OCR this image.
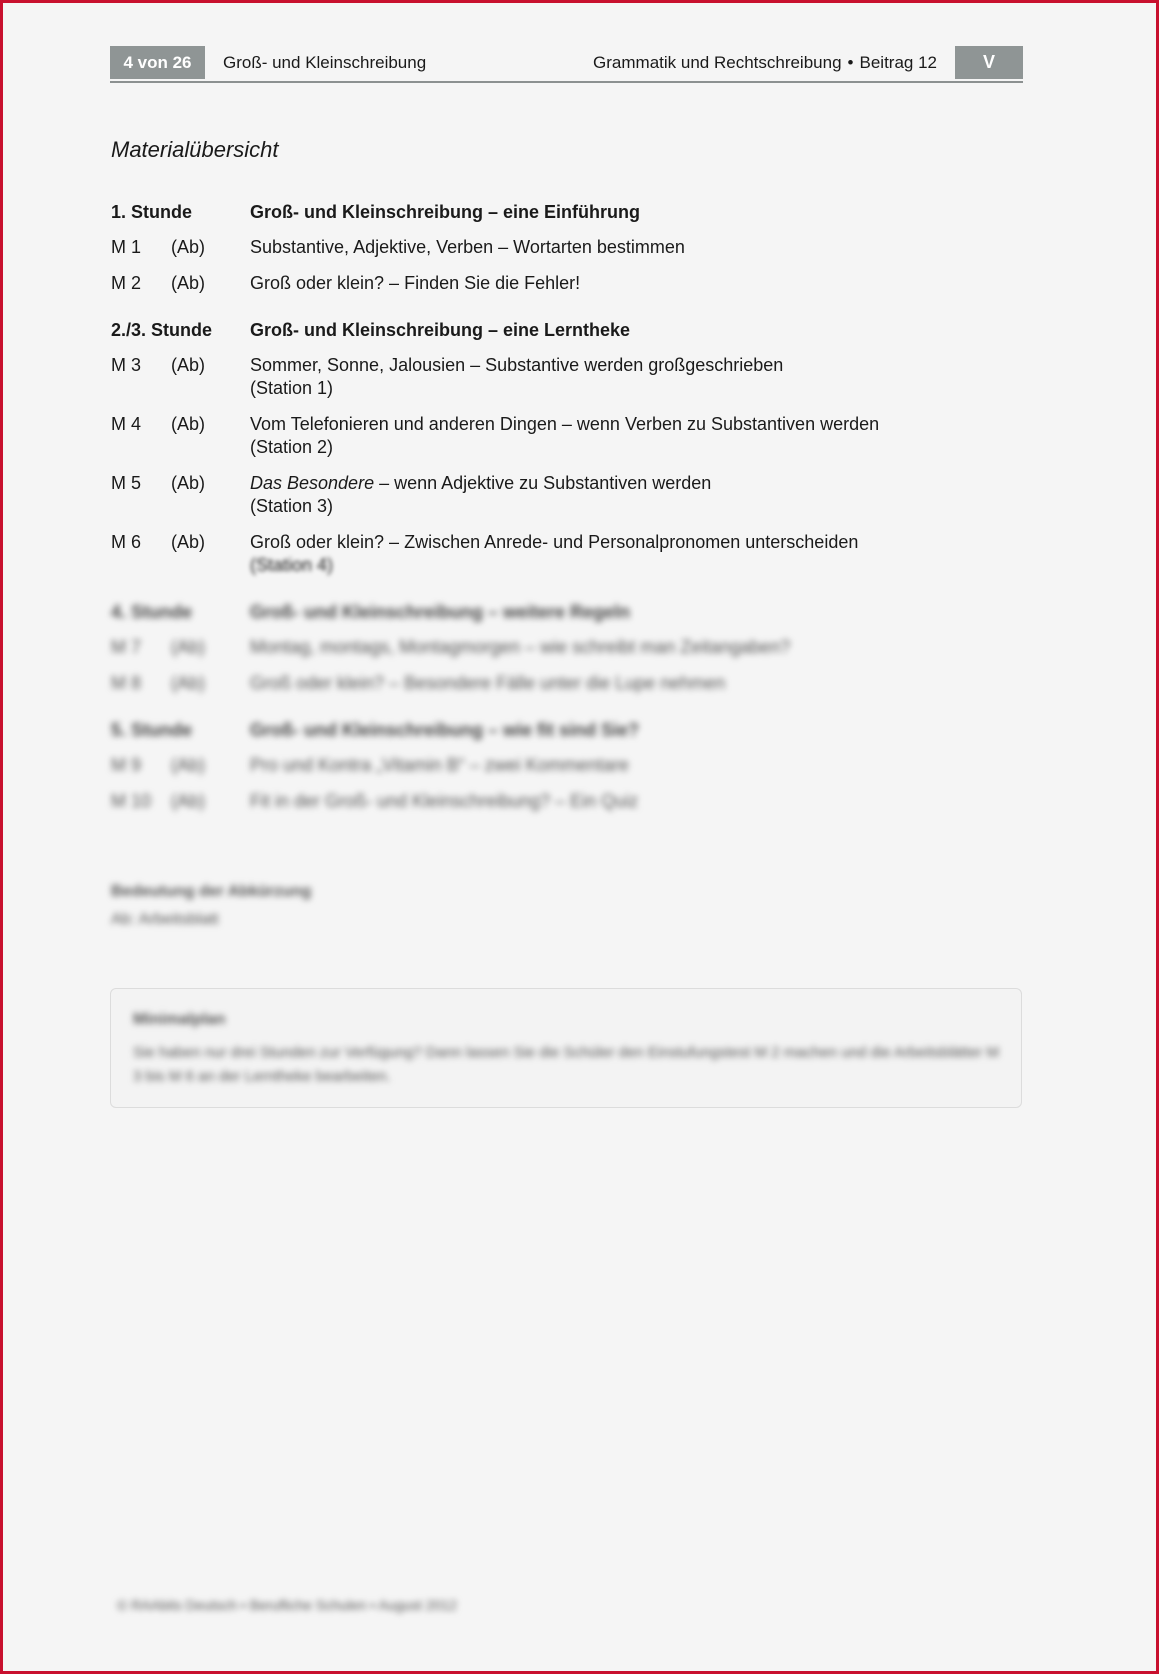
4 von 26	Groß- und Kleinschreibung	Grammatik und Rechtschreibung • Beitrag 12	V
Materialübersicht
1. Stunde	Groß- und Kleinschreibung – eine Einführung
M 1	(Ab)	Substantive, Adjektive, Verben – Wortarten bestimmen
M 2	(Ab)	Groß oder klein? – Finden Sie die Fehler!
2./3. Stunde	Groß- und Kleinschreibung – eine Lerntheke
M 3	(Ab)	Sommer, Sonne, Jalousien – Substantive werden großgeschrieben
(Station 1)
M 4	(Ab)	Vom Telefonieren und anderen Dingen – wenn Verben zu Substantiven werden
(Station 2)
M 5	(Ab)	Das Besondere – wenn Adjektive zu Substantiven werden
(Station 3)
M 6	(Ab)	Groß oder klein? – Zwischen Anrede- und Personalpronomen unterscheiden
(Station 4)
4. Stunde	Groß- und Kleinschreibung – weitere Regeln
M 7	(Ab)	Montag, montags, Montagmorgen – wie schreibt man Zeitangaben?
M 8	(Ab)	Groß oder klein? – Besondere Fälle unter die Lupe nehmen
5. Stunde	Groß- und Kleinschreibung – wie fit sind Sie?
M 9	(Ab)	Pro und Kontra „Vitamin B“ – zwei Kommentare
M 10	(Ab)	Fit in der Groß- und Kleinschreibung? – Ein Quiz
Bedeutung der Abkürzung
Ab: Arbeitsblatt
Minimalplan
Sie haben nur drei Stunden zur Verfügung? Dann lassen Sie die Schüler den Einstufungstest M 2 machen und die Arbeitsblätter M 3 bis M 6 an der Lerntheke bearbeiten.
© RAAbits Deutsch • Berufliche Schulen • August 2012
